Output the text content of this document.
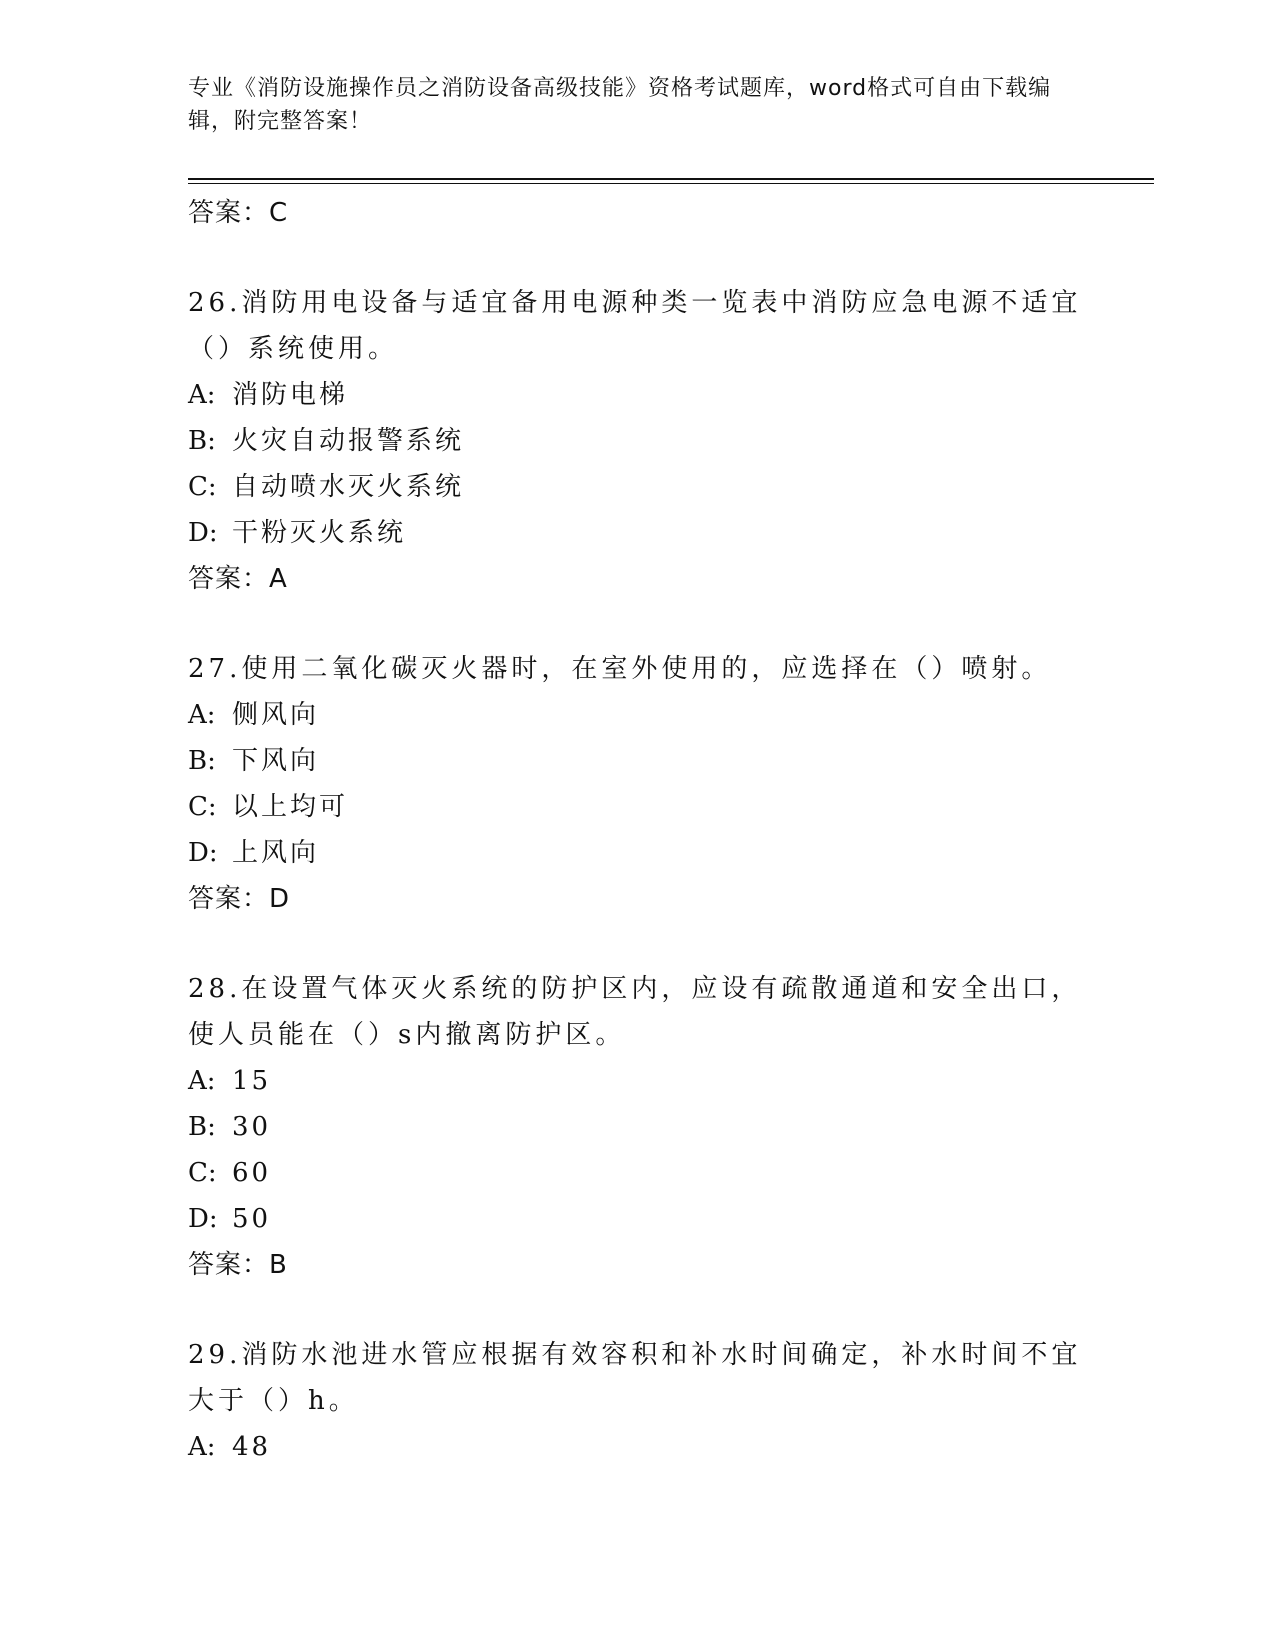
专业《消防设施操作员之消防设备高级技能》资格考试题库，word格式可自由下载编辑，附完整答案！
答案：C
26.消防用电设备与适宜备用电源种类一览表中消防应急电源不适宜（）系统使用。
A: 消防电梯
B: 火灾自动报警系统
C: 自动喷水灭火系统
D: 干粉灭火系统
答案：A
27.使用二氧化碳灭火器时，在室外使用的，应选择在（）喷射。
A: 侧风向
B: 下风向
C: 以上均可
D: 上风向
答案：D
28.在设置气体灭火系统的防护区内，应设有疏散通道和安全出口，使人员能在（）s内撤离防护区。
A: 15
B: 30
C: 60
D: 50
答案：B
29.消防水池进水管应根据有效容积和补水时间确定，补水时间不宜大于（）h。
A: 48
